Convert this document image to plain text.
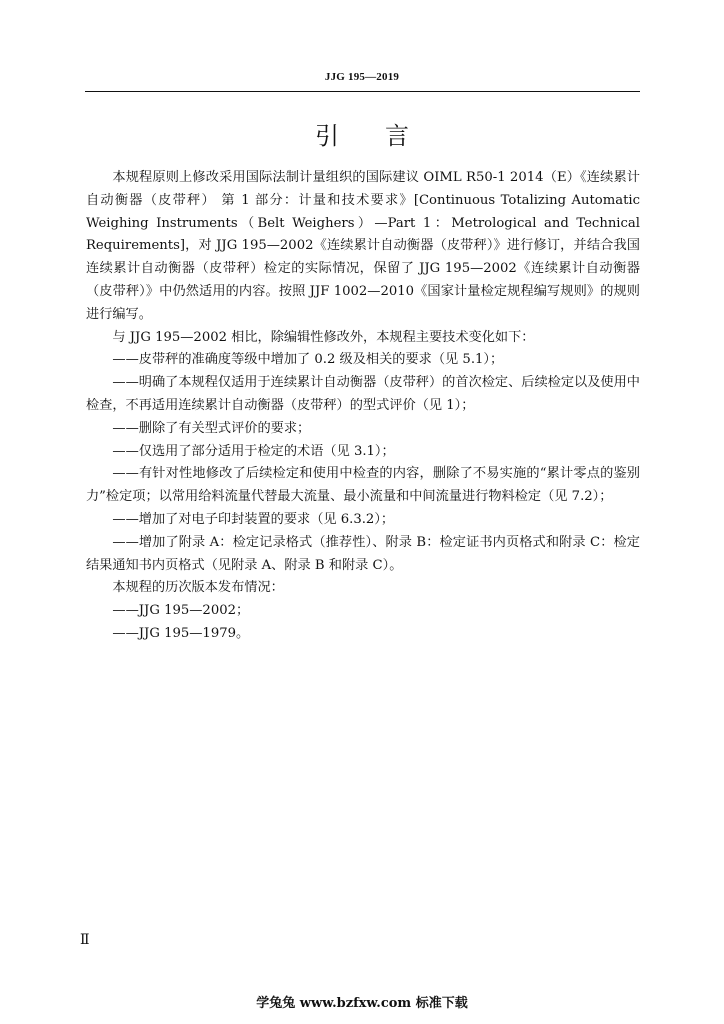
JJG 195—2019
引言

本规程原则上修改采用国际法制计量组织的国际建议 OIML R50-1 2014（E）《连续累计自动衡器（皮带秤） 第 1 部分：计量和技术要求》[Continuous Totalizing Automatic Weighing Instruments（Belt Weighers）—Part 1：Metrological and Technical Requirements]，对 JJG 195—2002《连续累计自动衡器（皮带秤）》进行修订，并结合我国连续累计自动衡器（皮带秤）检定的实际情况，保留了 JJG 195—2002《连续累计自动衡器（皮带秤）》中仍然适用的内容。按照 JJF 1002—2010《国家计量检定规程编写规则》的规则进行编写。

与 JJG 195—2002 相比，除编辑性修改外，本规程主要技术变化如下：

——皮带秤的准确度等级中增加了 0.2 级及相关的要求（见 5.1）；

——明确了本规程仅适用于连续累计自动衡器（皮带秤）的首次检定、后续检定以及使用中检查，不再适用连续累计自动衡器（皮带秤）的型式评价（见 1）；

——删除了有关型式评价的要求；

——仅选用了部分适用于检定的术语（见 3.1）；

——有针对性地修改了后续检定和使用中检查的内容，删除了不易实施的“累计零点的鉴别力”检定项；以常用给料流量代替最大流量、最小流量和中间流量进行物料检定（见 7.2）；

——增加了对电子印封装置的要求（见 6.3.2）；

——增加了附录 A：检定记录格式（推荐性）、附录 B：检定证书内页格式和附录 C：检定结果通知书内页格式（见附录 A、附录 B 和附录 C）。

本规程的历次版本发布情况：

——JJG 195—2002；

——JJG 195—1979。

Ⅱ
学兔兔 www.bzfxw.com 标准下载
